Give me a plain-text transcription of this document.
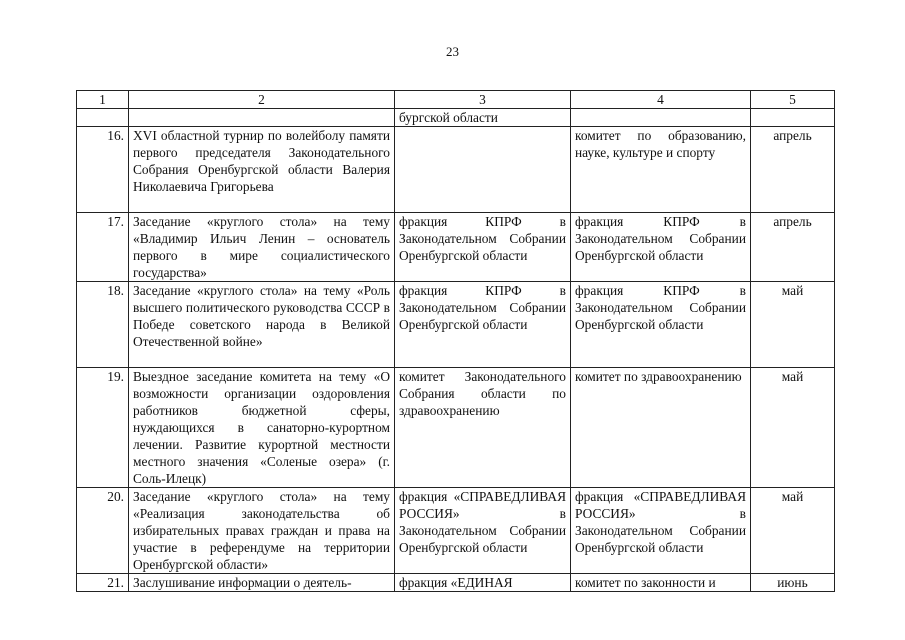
23
1	2	3	4	5
		бургской области		
16.	XVI областной турнир по волейболу памяти первого председателя Законодательного Собрания Оренбургской области Валерия Николаевича Григорьева		комитет по образованию, науке, культуре и спорту	апрель
17.	Заседание «круглого стола» на тему «Владимир Ильич Ленин – основатель первого в мире социалистического государства»	фракция КПРФ в Законодательном Собрании Оренбургской области	фракция КПРФ в Законодательном Собрании Оренбургской области	апрель
18.	Заседание «круглого стола» на тему «Роль высшего политического руководства СССР в Победе советского народа в Великой Отечественной войне»	фракция КПРФ в Законодательном Собрании Оренбургской области	фракция КПРФ в Законодательном Собрании Оренбургской области	май
19.	Выездное заседание комитета на тему «О возможности организации оздоровления работников бюджетной сферы, нуждающихся в санаторно-курортном лечении. Развитие курортной местности местного значения «Соленые озера» (г. Соль-Илецк)	комитет Законодательного Собрания области по здравоохранению	комитет по здравоохранению	май
20.	Заседание «круглого стола» на тему «Реализация законодательства об избирательных правах граждан и права на участие в референдуме на территории Оренбургской области»	фракция «СПРАВЕДЛИВАЯ РОССИЯ» в Законодательном Собрании Оренбургской области	фракция «СПРАВЕДЛИВАЯ РОССИЯ» в Законодательном Собрании Оренбургской области	май
21.	Заслушивание информации о деятель-	фракция «ЕДИНАЯ	комитет по законности и	июнь
